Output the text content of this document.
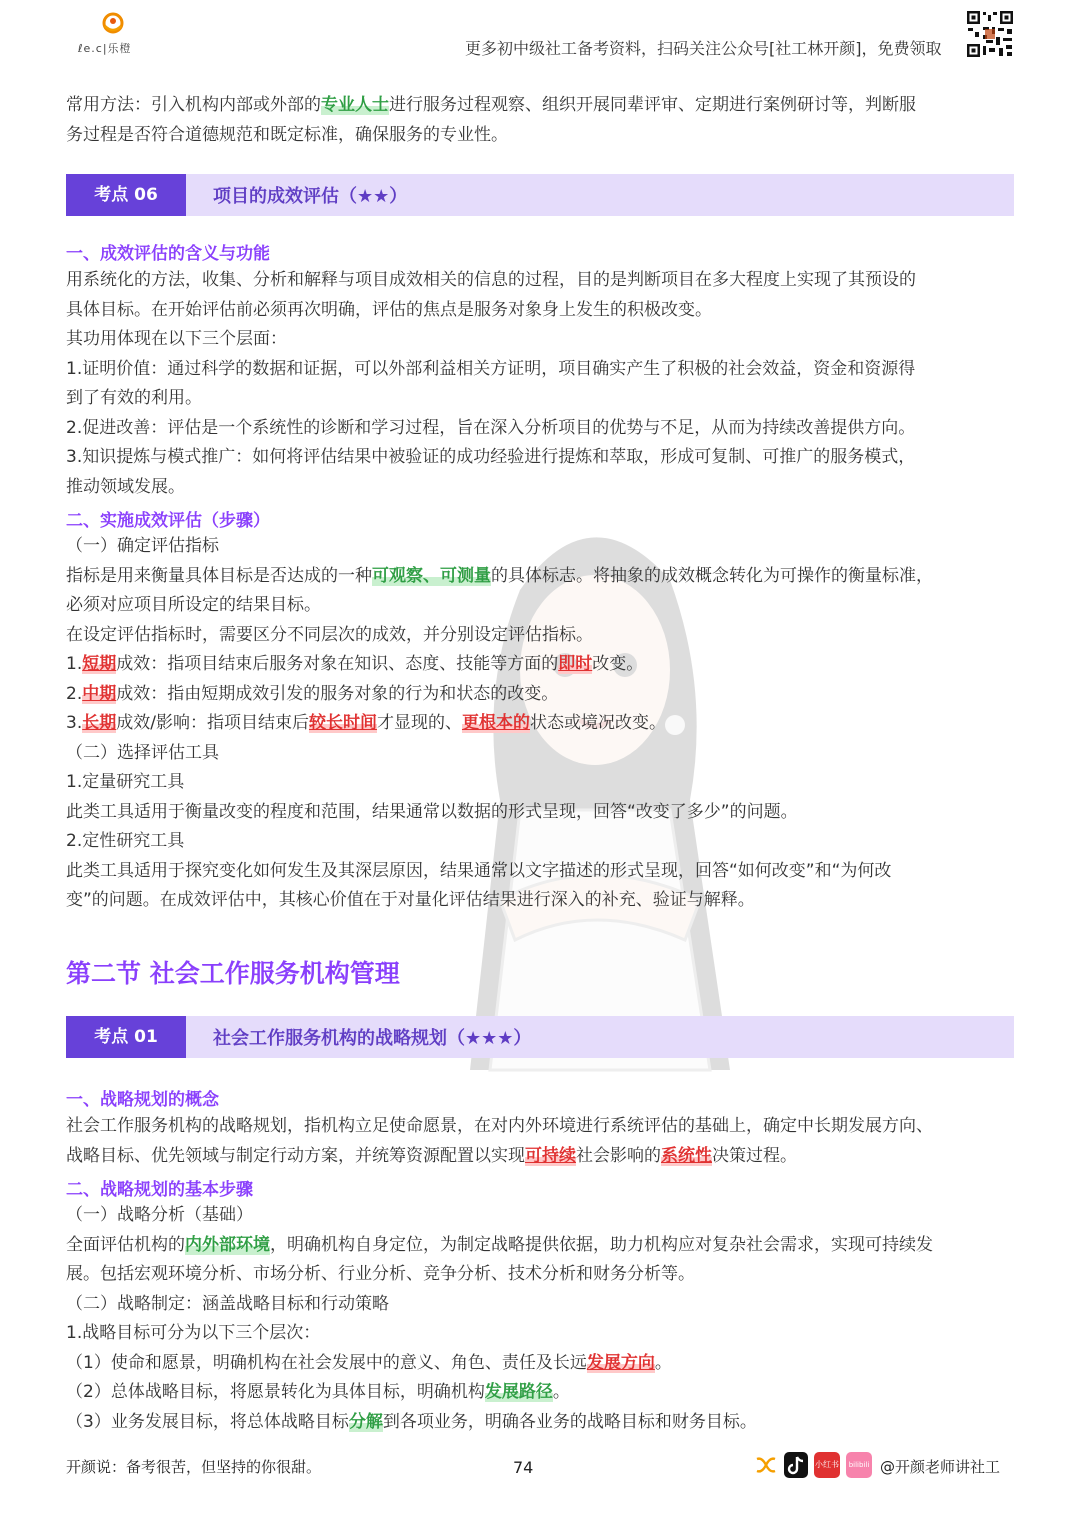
ℓe.c|乐橙	更多初中级社工备考资料，扫码关注公众号[社工林开颜]，免费领取
常用方法：引入机构内部或外部的专业人士进行服务过程观察、组织开展同辈评审、定期进行案例研讨等，判断服
务过程是否符合道德规范和既定标准，确保服务的专业性。
考点 06	项目的成效评估（★★）
一、成效评估的含义与功能
用系统化的方法，收集、分析和解释与项目成效相关的信息的过程，目的是判断项目在多大程度上实现了其预设的
具体目标。在开始评估前必须再次明确，评估的焦点是服务对象身上发生的积极改变。
其功用体现在以下三个层面：
1.证明价值：通过科学的数据和证据，可以外部利益相关方证明，项目确实产生了积极的社会效益，资金和资源得
到了有效的利用。
2.促进改善：评估是一个系统性的诊断和学习过程，旨在深入分析项目的优势与不足，从而为持续改善提供方向。
3.知识提炼与模式推广：如何将评估结果中被验证的成功经验进行提炼和萃取，形成可复制、可推广的服务模式，
推动领域发展。
二、实施成效评估（步骤）
（一）确定评估指标
指标是用来衡量具体目标是否达成的一种可观察、可测量的具体标志。将抽象的成效概念转化为可操作的衡量标准，
必须对应项目所设定的结果目标。
在设定评估指标时，需要区分不同层次的成效，并分别设定评估指标。
1.短期成效：指项目结束后服务对象在知识、态度、技能等方面的即时改变。
2.中期成效：指由短期成效引发的服务对象的行为和状态的改变。
3.长期成效/影响：指项目结束后较长时间才显现的、更根本的状态或境况改变。
（二）选择评估工具
1.定量研究工具
此类工具适用于衡量改变的程度和范围，结果通常以数据的形式呈现，回答“改变了多少”的问题。
2.定性研究工具
此类工具适用于探究变化如何发生及其深层原因，结果通常以文字描述的形式呈现，回答“如何改变”和“为何改
变”的问题。在成效评估中，其核心价值在于对量化评估结果进行深入的补充、验证与解释。
第二节 社会工作服务机构管理
考点 01	社会工作服务机构的战略规划（★★★）
一、战略规划的概念
社会工作服务机构的战略规划，指机构立足使命愿景，在对内外环境进行系统评估的基础上，确定中长期发展方向、
战略目标、优先领域与制定行动方案，并统筹资源配置以实现可持续社会影响的系统性决策过程。
二、战略规划的基本步骤
（一）战略分析（基础）
全面评估机构的内外部环境，明确机构自身定位，为制定战略提供依据，助力机构应对复杂社会需求，实现可持续发
展。包括宏观环境分析、市场分析、行业分析、竞争分析、技术分析和财务分析等。
（二）战略制定：涵盖战略目标和行动策略
1.战略目标可分为以下三个层次：
（1）使命和愿景，明确机构在社会发展中的意义、角色、责任及长远发展方向。
（2）总体战略目标，将愿景转化为具体目标，明确机构发展路径。
（3）业务发展目标，将总体战略目标分解到各项业务，明确各业务的战略目标和财务目标。
开颜说：备考很苦，但坚持的你很甜。	74	小红书	bilibili @开颜老师讲社工
